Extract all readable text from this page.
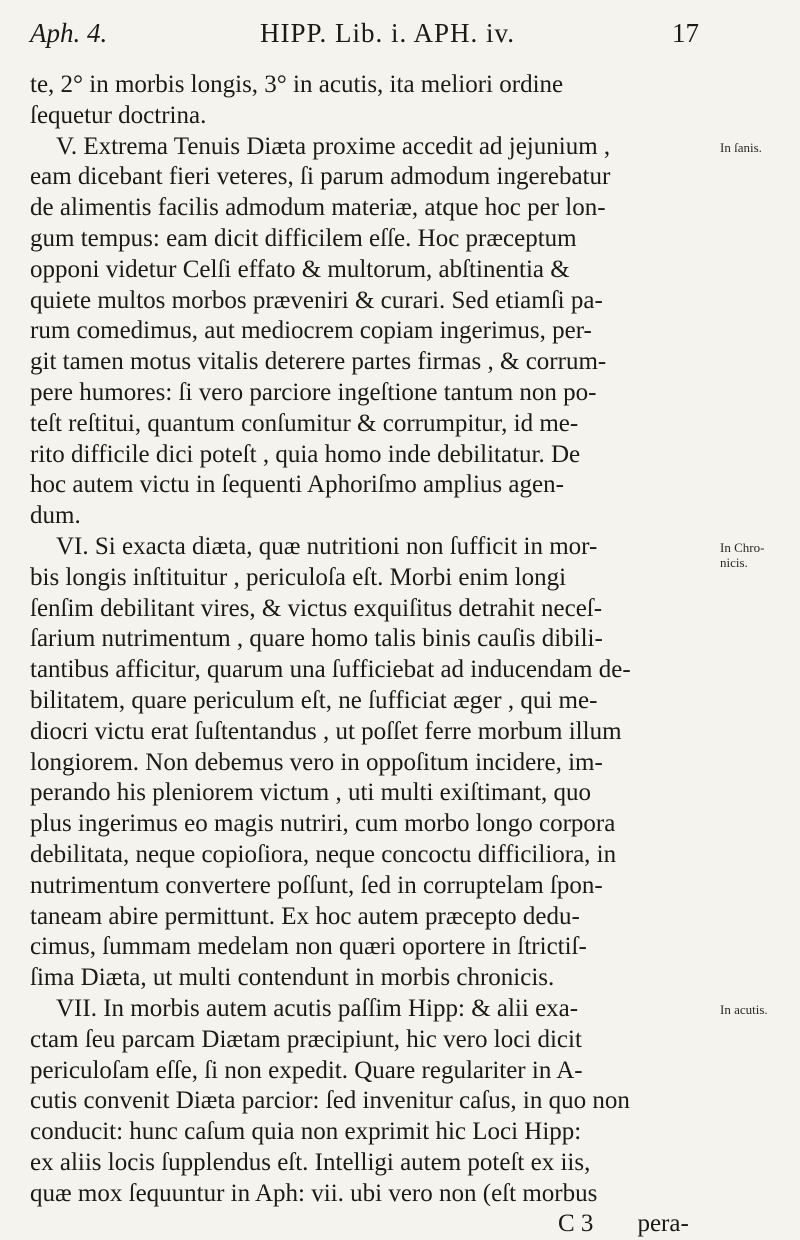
Aph. 4.	HIPP. Lib. i. APH. iv.	17
te, 2° in morbis longis, 3° in acutis, ita meliori ordine
ſequetur doctrina.
V. Extrema Tenuis Diæta proxime accedit ad jejunium ,
eam dicebant fieri veteres, ſi parum admodum ingerebatur
de alimentis facilis admodum materiæ, atque hoc per lon-
gum tempus: eam dicit difficilem eſſe. Hoc præceptum
opponi videtur Celſi effato & multorum, abſtinentia &
quiete multos morbos præveniri & curari. Sed etiamſi pa-
rum comedimus, aut mediocrem copiam ingerimus, per-
git tamen motus vitalis deterere partes firmas , & corrum-
pere humores: ſi vero parciore ingeſtione tantum non po-
teſt reſtitui, quantum conſumitur & corrumpitur, id me-
rito difficile dici poteſt , quia homo inde debilitatur. De
hoc autem victu in ſequenti Aphoriſmo amplius agen-
dum.
VI. Si exacta diæta, quæ nutritioni non ſufficit in mor-
bis longis inſtituitur , periculoſa eſt. Morbi enim longi
ſenſim debilitant vires, & victus exquiſitus detrahit neceſ-
ſarium nutrimentum , quare homo talis binis cauſis dibili-
tantibus afficitur, quarum una ſufficiebat ad inducendam de-
bilitatem, quare periculum eſt, ne ſufficiat æger , qui me-
diocri victu erat ſuſtentandus , ut poſſet ferre morbum illum
longiorem. Non debemus vero in oppoſitum incidere, im-
perando his pleniorem victum , uti multi exiſtimant, quo
plus ingerimus eo magis nutriri, cum morbo longo corpora
debilitata, neque copioſiora, neque concoctu difficiliora, in
nutrimentum convertere poſſunt, ſed in corruptelam ſpon-
taneam abire permittunt. Ex hoc autem præcepto dedu-
cimus, ſummam medelam non quæri oportere in ſtrictiſ-
ſima Diæta, ut multi contendunt in morbis chronicis.
VII. In morbis autem acutis paſſim Hipp: & alii exa-
ctam ſeu parcam Diætam præcipiunt, hic vero loci dicit
periculoſam eſſe, ſi non expedit. Quare regulariter in A-
cutis convenit Diæta parcior: ſed invenitur caſus, in quo non
conducit: hunc caſum quia non exprimit hic Loci Hipp:
ex aliis locis ſupplendus eſt. Intelligi autem poteſt ex iis,
quæ mox ſequuntur in Aph: vii. ubi vero non (eſt morbus
C 3 pera-
In ſanis.
In Chro-
nicis.
In acutis.
